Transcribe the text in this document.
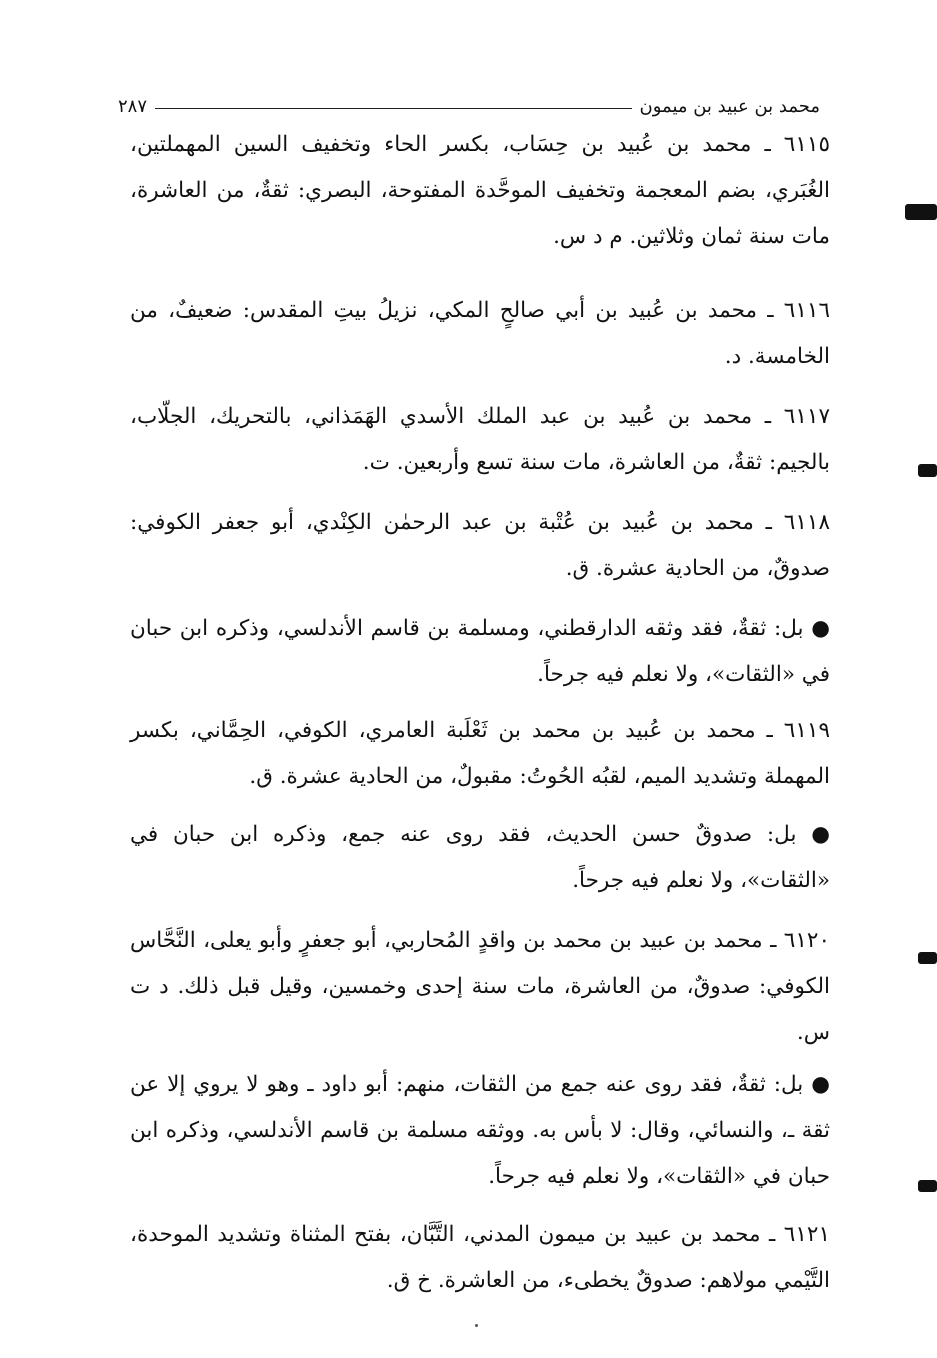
محمد بن عبيد بن ميمون
٢٨٧

٦١١٥ ـ محمد بن عُبيد بن حِسَاب، بكسر الحاء وتخفيف السين المهملتين، الغُبَري، بضم المعجمة وتخفيف الموحَّدة المفتوحة، البصري: ثقةٌ، من العاشرة، مات سنة ثمان وثلاثين. م د س.

٦١١٦ ـ محمد بن عُبيد بن أبي صالحٍ المكي، نزيلُ بيتِ المقدس: ضعيفٌ، من الخامسة. د.

٦١١٧ ـ محمد بن عُبيد بن عبد الملك الأسدي الهَمَذاني، بالتحريك، الجلّاب، بالجيم: ثقةٌ، من العاشرة، مات سنة تسع وأربعين. ت.

٦١١٨ ـ محمد بن عُبيد بن عُتْبة بن عبد الرحمٰن الكِنْدي، أبو جعفر الكوفي: صدوقٌ، من الحادية عشرة. ق.

● بل: ثقةٌ، فقد وثقه الدارقطني، ومسلمة بن قاسم الأندلسي، وذكره ابن حبان في «الثقات»، ولا نعلم فيه جرحاً.

٦١١٩ ـ محمد بن عُبيد بن محمد بن ثَعْلَبة العامري، الكوفي، الحِمَّاني، بكسر المهملة وتشديد الميم، لقبُه الحُوتُ: مقبولٌ، من الحادية عشرة. ق.

● بل: صدوقٌ حسن الحديث، فقد روى عنه جمع، وذكره ابن حبان في «الثقات»، ولا نعلم فيه جرحاً.

٦١٢٠ ـ محمد بن عبيد بن محمد بن واقدٍ المُحاربي، أبو جعفرٍ وأبو يعلى، النَّحَّاس الكوفي: صدوقٌ، من العاشرة، مات سنة إحدى وخمسين، وقيل قبل ذلك. د ت س.

● بل: ثقةٌ، فقد روى عنه جمع من الثقات، منهم: أبو داود ـ وهو لا يروي إلا عن ثقة ـ، والنسائي، وقال: لا بأس به. ووثقه مسلمة بن قاسم الأندلسي، وذكره ابن حبان في «الثقات»، ولا نعلم فيه جرحاً.

٦١٢١ ـ محمد بن عبيد بن ميمون المدني، التَّبَّان، بفتح المثناة وتشديد الموحدة، التَّيْمي مولاهم: صدوقٌ يخطىء، من العاشرة. خ ق.
